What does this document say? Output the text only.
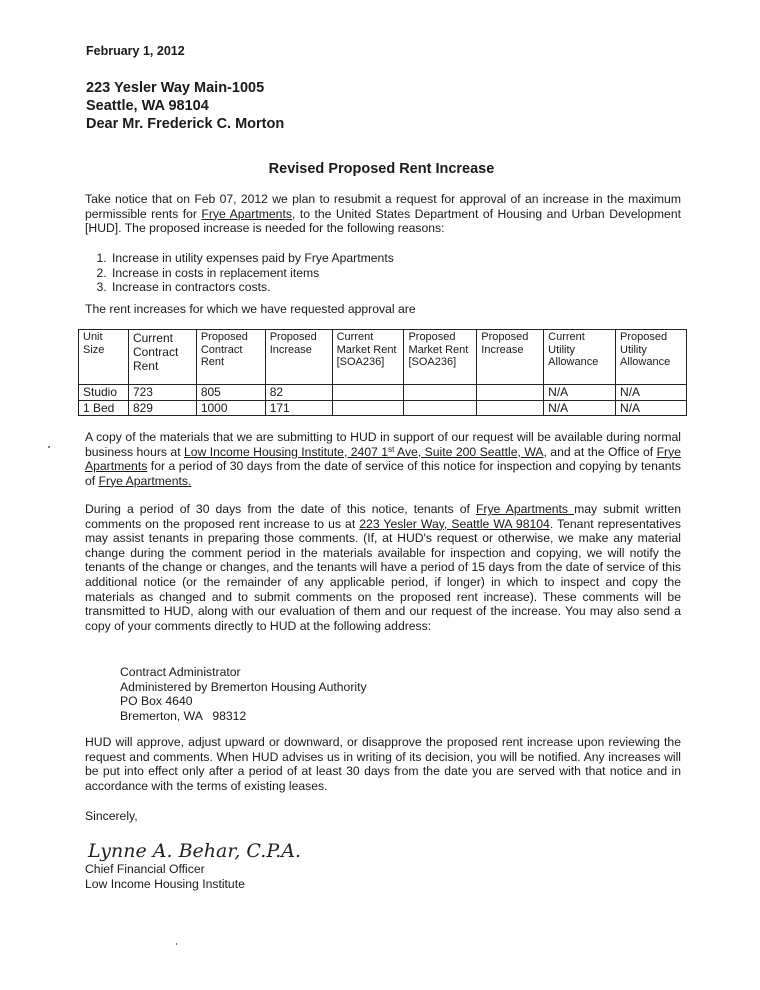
February 1, 2012
223 Yesler Way Main-1005
Seattle, WA 98104
Dear Mr. Frederick C. Morton
Revised Proposed Rent Increase
Take notice that on Feb 07, 2012 we plan to resubmit a request for approval of an increase in the maximum permissible rents for Frye Apartments, to the United States Department of Housing and Urban Development [HUD]. The proposed increase is needed for the following reasons:
1. Increase in utility expenses paid by Frye Apartments
2. Increase in costs in replacement items
3. Increase in contractors costs.
The rent increases for which we have requested approval are
Unit Size	Current Contract Rent	Proposed Contract Rent	Proposed Increase	Current Market Rent [SOA236]	Proposed Market Rent [SOA236]	Proposed Increase	Current Utility Allowance	Proposed Utility Allowance
Studio	723	805	82				N/A	N/A
1 Bed	829	1000	171				N/A	N/A
A copy of the materials that we are submitting to HUD in support of our request will be available during normal business hours at Low Income Housing Institute, 2407 1st Ave, Suite 200 Seattle, WA, and at the Office of Frye Apartments for a period of 30 days from the date of service of this notice for inspection and copying by tenants of Frye Apartments.
During a period of 30 days from the date of this notice, tenants of Frye Apartments may submit written comments on the proposed rent increase to us at 223 Yesler Way, Seattle WA 98104. Tenant representatives may assist tenants in preparing those comments. (If, at HUD's request or otherwise, we make any material change during the comment period in the materials available for inspection and copying, we will notify the tenants of the change or changes, and the tenants will have a period of 15 days from the date of service of this additional notice (or the remainder of any applicable period, if longer) in which to inspect and copy the materials as changed and to submit comments on the proposed rent increase). These comments will be transmitted to HUD, along with our evaluation of them and our request of the increase. You may also send a copy of your comments directly to HUD at the following address:
Contract Administrator
Administered by Bremerton Housing Authority
PO Box 4640
Bremerton, WA   98312
HUD will approve, adjust upward or downward, or disapprove the proposed rent increase upon reviewing the request and comments. When HUD advises us in writing of its decision, you will be notified. Any increases will be put into effect only after a period of at least 30 days from the date you are served with that notice and in accordance with the terms of existing leases.
Sincerely,
Lynne A. Behar, C.P.A.
Chief Financial Officer
Low Income Housing Institute
